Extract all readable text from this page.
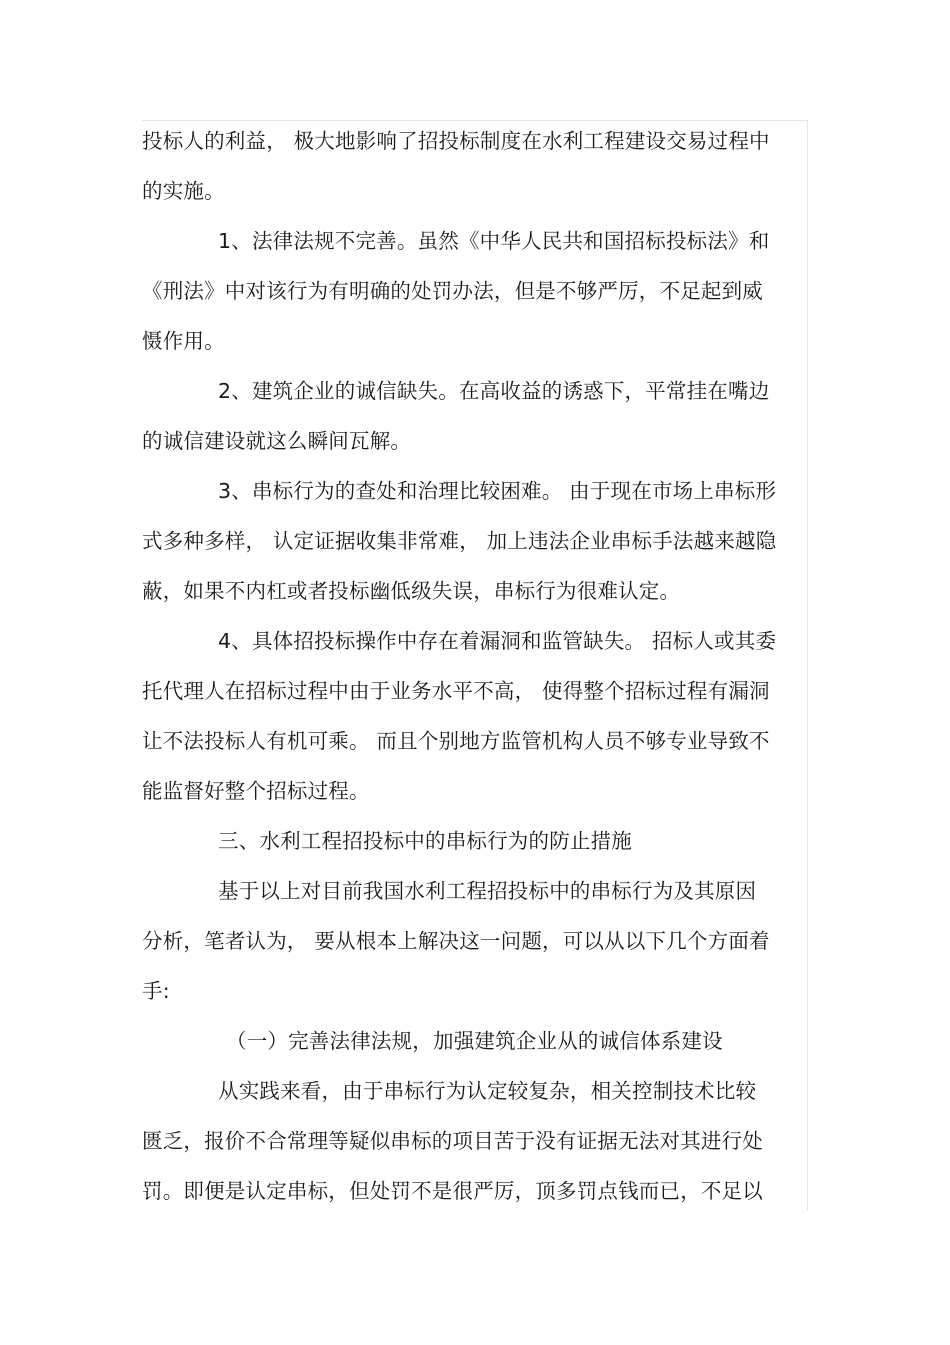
投标人的利益， 极大地影响了招投标制度在水利工程建设交易过程中
的实施。
1、法律法规不完善。虽然《中华人民共和国招标投标法》和
《刑法》中对该行为有明确的处罚办法，但是不够严厉，不足起到威
慑作用。
2、建筑企业的诚信缺失。在高收益的诱惑下，平常挂在嘴边
的诚信建设就这么瞬间瓦解。
3、串标行为的查处和治理比较困难。 由于现在市场上串标形
式多种多样， 认定证据收集非常难， 加上违法企业串标手法越来越隐
蔽，如果不内杠或者投标幽低级失误，串标行为很难认定。
4、具体招投标操作中存在着漏洞和监管缺失。 招标人或其委
托代理人在招标过程中由于业务水平不高， 使得整个招标过程有漏洞
让不法投标人有机可乘。 而且个别地方监管机构人员不够专业导致不
能监督好整个招标过程。
三、水利工程招投标中的串标行为的防止措施
基于以上对目前我国水利工程招投标中的串标行为及其原因
分析，笔者认为， 要从根本上解决这一问题，可以从以下几个方面着
手:
（一）完善法律法规，加强建筑企业从的诚信体系建设
从实践来看，由于串标行为认定较复杂，相关控制技术比较
匮乏，报价不合常理等疑似串标的项目苦于没有证据无法对其进行处
罚。即便是认定串标，但处罚不是很严厉，顶多罚点钱而已，不足以
